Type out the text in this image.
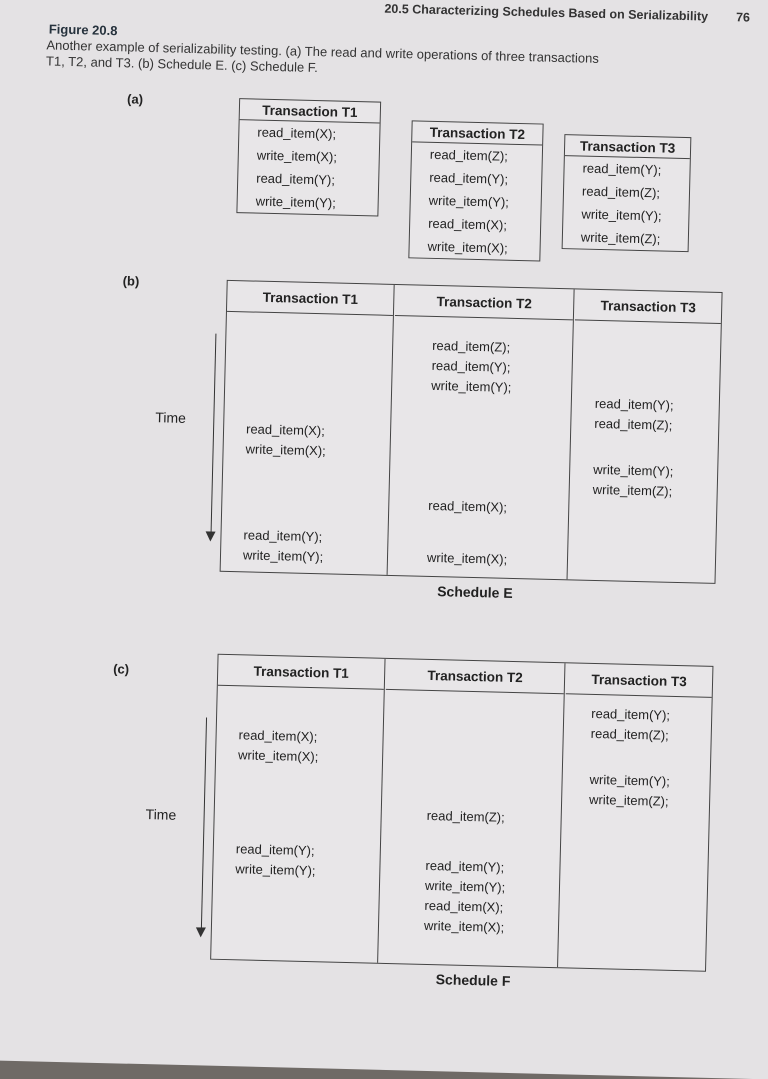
20.5 Characterizing Schedules Based on Serializability 76
Figure 20.8
Another example of serializability testing. (a) The read and write operations of three transactions T1, T2, and T3. (b) Schedule E. (c) Schedule F.
(a)
Transaction T1
read_item(X);
write_item(X);
read_item(Y);
write_item(Y);
Transaction T2
read_item(Z);
read_item(Y);
write_item(Y);
read_item(X);
write_item(X);
Transaction T3
read_item(Y);
read_item(Z);
write_item(Y);
write_item(Z);
(b)
Time
Transaction T1
read_item(X);
write_item(X);
read_item(Y);
write_item(Y);
Transaction T2
read_item(Z);
read_item(Y);
write_item(Y);
read_item(X);
write_item(X);
Transaction T3
read_item(Y);
read_item(Z);
write_item(Y);
write_item(Z);
Schedule E
(c)
Time
Transaction T1
read_item(X);
write_item(X);
read_item(Y);
write_item(Y);
Transaction T2
read_item(Z);
read_item(Y);
write_item(Y);
read_item(X);
write_item(X);
Transaction T3
read_item(Y);
read_item(Z);
write_item(Y);
write_item(Z);
Schedule F
